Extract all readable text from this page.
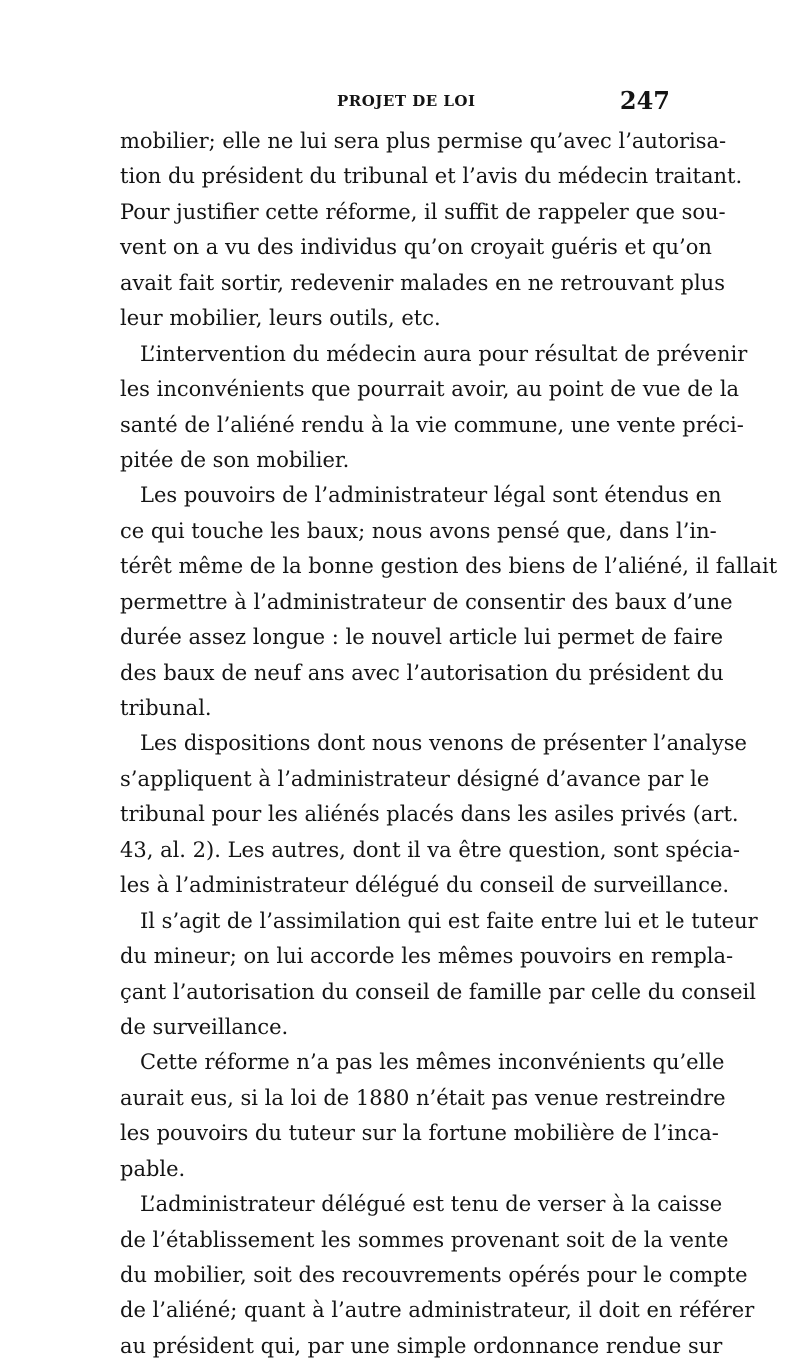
PROJET DE LOI	247
mobilier; elle ne lui sera plus permise qu’avec l’autorisa-
tion du président du tribunal et l’avis du médecin traitant.
Pour justifier cette réforme, il suffit de rappeler que sou-
vent on a vu des individus qu’on croyait guéris et qu’on
avait fait sortir, redevenir malades en ne retrouvant plus
leur mobilier, leurs outils, etc.
L’intervention du médecin aura pour résultat de prévenir
les inconvénients que pourrait avoir, au point de vue de la
santé de l’aliéné rendu à la vie commune, une vente préci-
pitée de son mobilier.
Les pouvoirs de l’administrateur légal sont étendus en
ce qui touche les baux; nous avons pensé que, dans l’in-
térêt même de la bonne gestion des biens de l’aliéné, il fallait
permettre à l’administrateur de consentir des baux d’une
durée assez longue : le nouvel article lui permet de faire
des baux de neuf ans avec l’autorisation du président du
tribunal.
Les dispositions dont nous venons de présenter l’analyse
s’appliquent à l’administrateur désigné d’avance par le
tribunal pour les aliénés placés dans les asiles privés (art.
43, al. 2). Les autres, dont il va être question, sont spécia-
les à l’administrateur délégué du conseil de surveillance.
Il s’agit de l’assimilation qui est faite entre lui et le tuteur
du mineur; on lui accorde les mêmes pouvoirs en rempla-
çant l’autorisation du conseil de famille par celle du conseil
de surveillance.
Cette réforme n’a pas les mêmes inconvénients qu’elle
aurait eus, si la loi de 1880 n’était pas venue restreindre
les pouvoirs du tuteur sur la fortune mobilière de l’inca-
pable.
L’administrateur délégué est tenu de verser à la caisse
de l’établissement les sommes provenant soit de la vente
du mobilier, soit des recouvrements opérés pour le compte
de l’aliéné; quant à l’autre administrateur, il doit en référer
au président qui, par une simple ordonnance rendue sur
